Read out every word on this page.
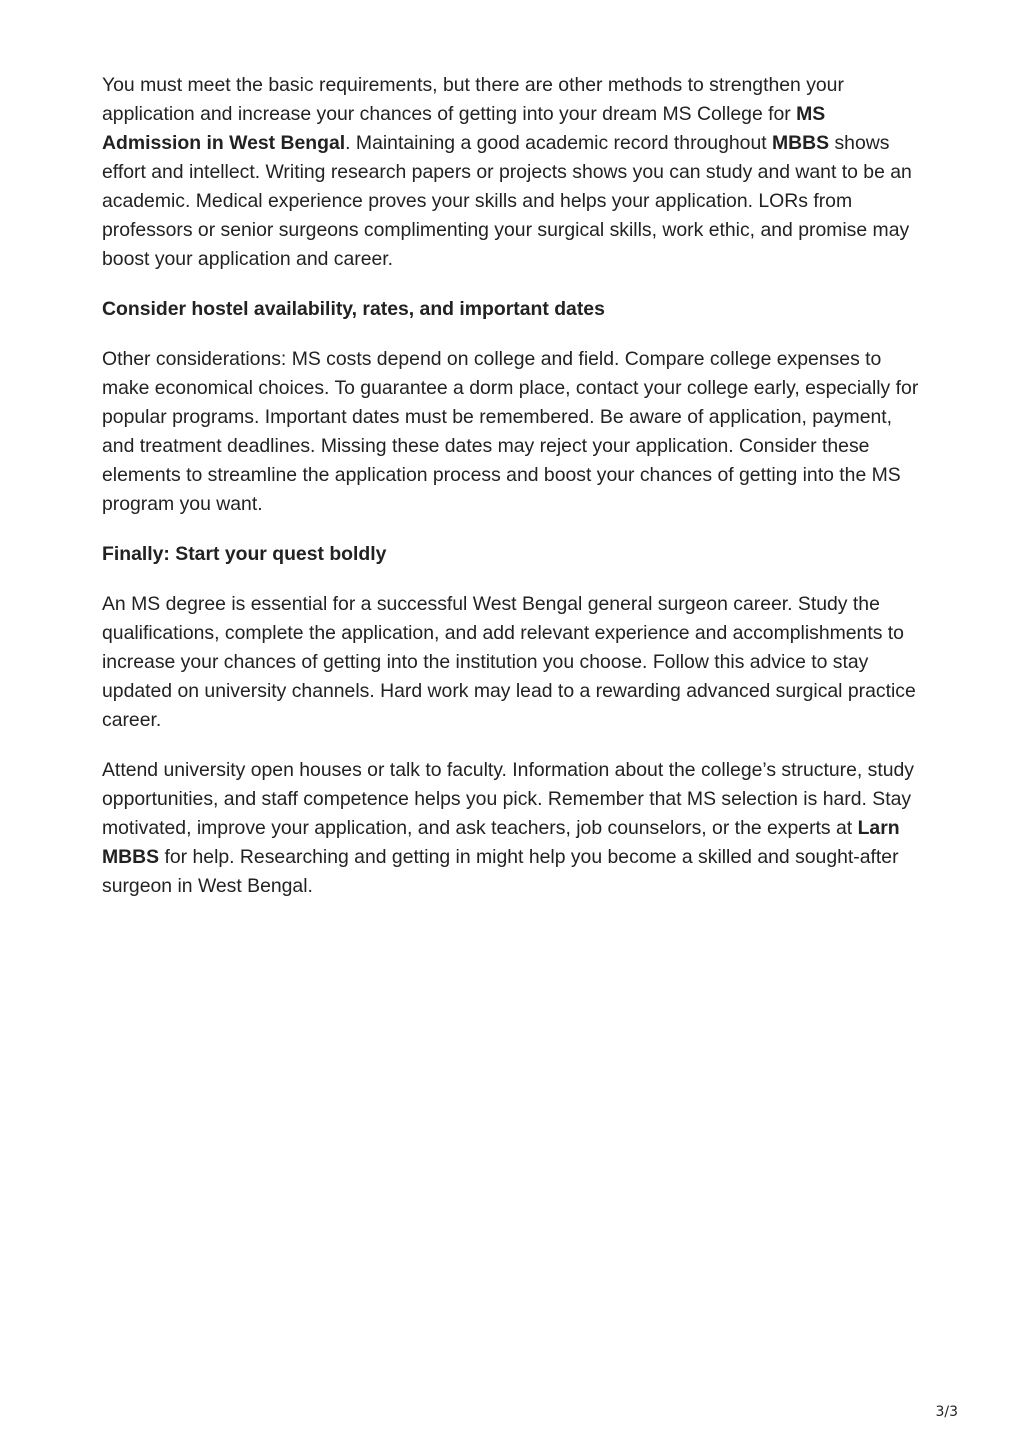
You must meet the basic requirements, but there are other methods to strengthen your application and increase your chances of getting into your dream MS College for MS Admission in West Bengal. Maintaining a good academic record throughout MBBS shows effort and intellect. Writing research papers or projects shows you can study and want to be an academic. Medical experience proves your skills and helps your application. LORs from professors or senior surgeons complimenting your surgical skills, work ethic, and promise may boost your application and career.

Consider hostel availability, rates, and important dates

Other considerations: MS costs depend on college and field. Compare college expenses to make economical choices. To guarantee a dorm place, contact your college early, especially for popular programs. Important dates must be remembered. Be aware of application, payment, and treatment deadlines. Missing these dates may reject your application. Consider these elements to streamline the application process and boost your chances of getting into the MS program you want.

Finally: Start your quest boldly

An MS degree is essential for a successful West Bengal general surgeon career. Study the qualifications, complete the application, and add relevant experience and accomplishments to increase your chances of getting into the institution you choose. Follow this advice to stay updated on university channels. Hard work may lead to a rewarding advanced surgical practice career.

Attend university open houses or talk to faculty. Information about the college’s structure, study opportunities, and staff competence helps you pick. Remember that MS selection is hard. Stay motivated, improve your application, and ask teachers, job counselors, or the experts at Larn MBBS for help. Researching and getting in might help you become a skilled and sought-after surgeon in West Bengal.

3/3
